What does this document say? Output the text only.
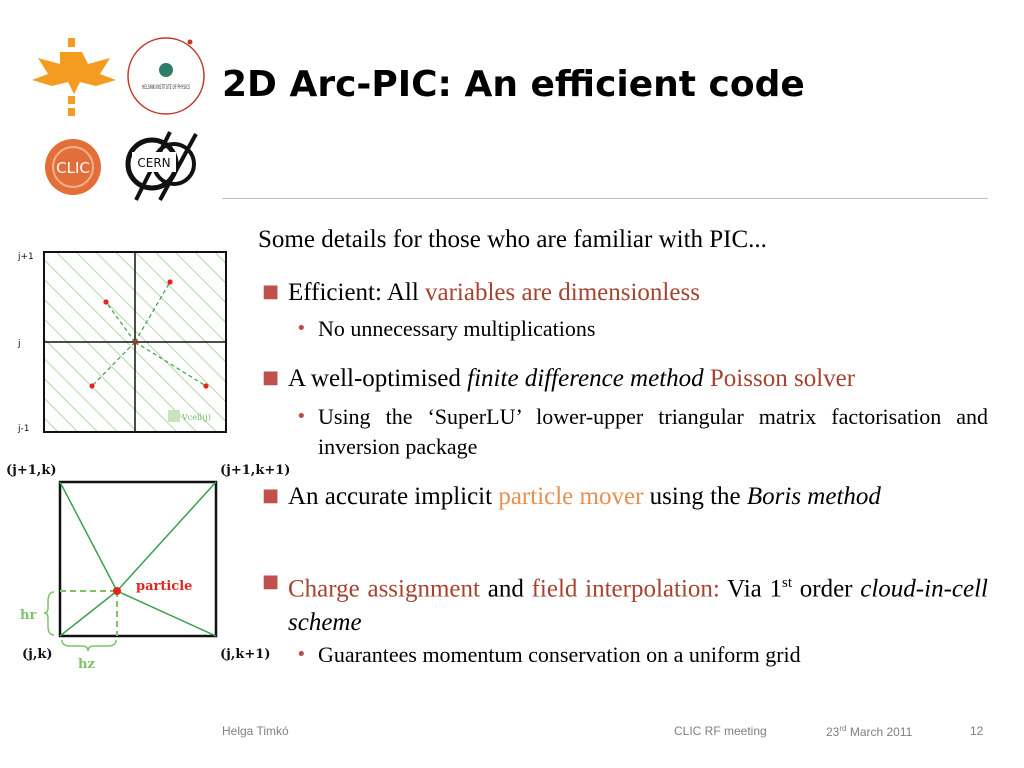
HELSINKI INSTITUTE OF PHYSICS
CLIC	CERN
2D Arc-PIC: An efficient code
✕
j+1
j
j-1
Vcell(j)
(j+1,k)	(j+1,k+1)
(j,k)	(j,k+1)
particle
hr
hz
Some details for those who are familiar with PIC...
■ Efficient: All variables are dimensionless
• No unnecessary multiplications
■ A well-optimised finite difference method Poisson solver
• Using the ‘SuperLU’ lower-upper triangular matrix factorisation and inversion package
■ An accurate implicit particle mover using the Boris method
■ Charge assignment and field interpolation: Via 1st order cloud-in-cell scheme
• Guarantees momentum conservation on a uniform grid
Helga Timkó	CLIC RF meeting	23rd March 2011	12
